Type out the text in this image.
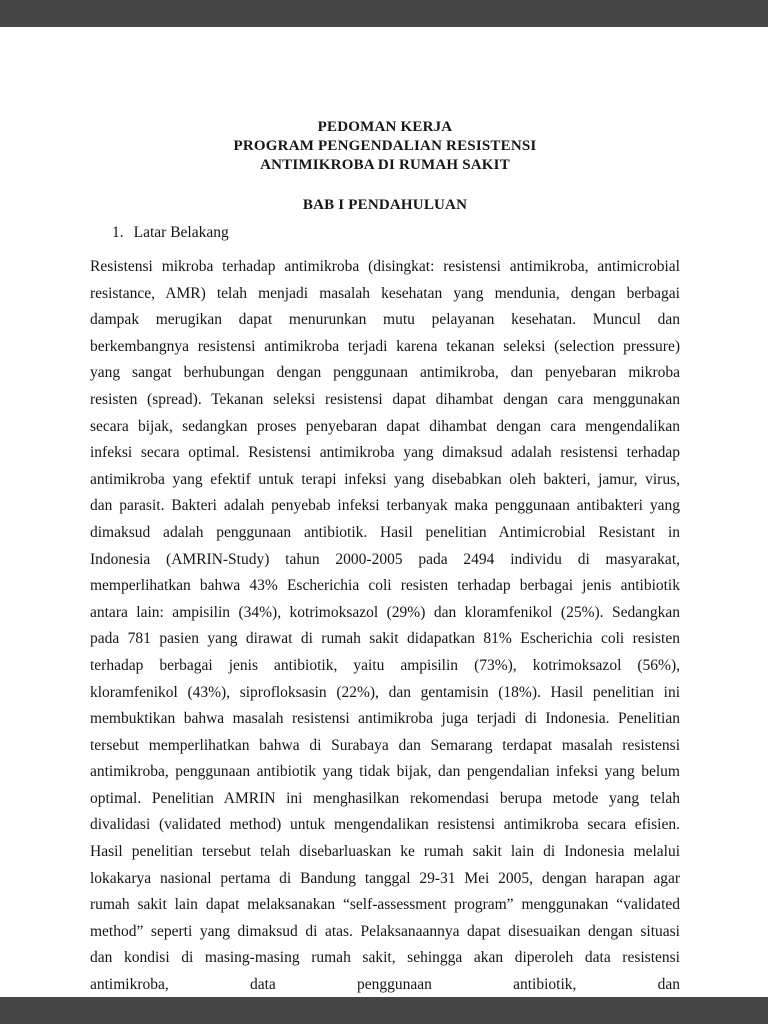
PEDOMAN KERJA
PROGRAM PENGENDALIAN RESISTENSI
ANTIMIKROBA DI RUMAH SAKIT
BAB I PENDAHULUAN
1. Latar Belakang
Resistensi mikroba terhadap antimikroba (disingkat: resistensi antimikroba, antimicrobial resistance, AMR) telah menjadi masalah kesehatan yang mendunia, dengan berbagai dampak merugikan dapat menurunkan mutu pelayanan kesehatan. Muncul dan berkembangnya resistensi antimikroba terjadi karena tekanan seleksi (selection pressure) yang sangat berhubungan dengan penggunaan antimikroba, dan penyebaran mikroba resisten (spread). Tekanan seleksi resistensi dapat dihambat dengan cara menggunakan secara bijak, sedangkan proses penyebaran dapat dihambat dengan cara mengendalikan infeksi secara optimal. Resistensi antimikroba yang dimaksud adalah resistensi terhadap antimikroba yang efektif untuk terapi infeksi yang disebabkan oleh bakteri, jamur, virus, dan parasit. Bakteri adalah penyebab infeksi terbanyak maka penggunaan antibakteri yang dimaksud adalah penggunaan antibiotik. Hasil penelitian Antimicrobial Resistant in Indonesia (AMRIN-Study) tahun 2000-2005 pada 2494 individu di masyarakat, memperlihatkan bahwa 43% Escherichia coli resisten terhadap berbagai jenis antibiotik antara lain: ampisilin (34%), kotrimoksazol (29%) dan kloramfenikol (25%). Sedangkan pada 781 pasien yang dirawat di rumah sakit didapatkan 81% Escherichia coli resisten terhadap berbagai jenis antibiotik, yaitu ampisilin (73%), kotrimoksazol (56%), kloramfenikol (43%), siprofloksasin (22%), dan gentamisin (18%). Hasil penelitian ini membuktikan bahwa masalah resistensi antimikroba juga terjadi di Indonesia. Penelitian tersebut memperlihatkan bahwa di Surabaya dan Semarang terdapat masalah resistensi antimikroba, penggunaan antibiotik yang tidak bijak, dan pengendalian infeksi yang belum optimal. Penelitian AMRIN ini menghasilkan rekomendasi berupa metode yang telah divalidasi (validated method) untuk mengendalikan resistensi antimikroba secara efisien. Hasil penelitian tersebut telah disebarluaskan ke rumah sakit lain di Indonesia melalui lokakarya nasional pertama di Bandung tanggal 29-31 Mei 2005, dengan harapan agar rumah sakit lain dapat melaksanakan “self-assessment program” menggunakan “validated method” seperti yang dimaksud di atas. Pelaksanaannya dapat disesuaikan dengan situasi dan kondisi di masing-masing rumah sakit, sehingga akan diperoleh data resistensi antimikroba, data penggunaan antibiotik, dan
